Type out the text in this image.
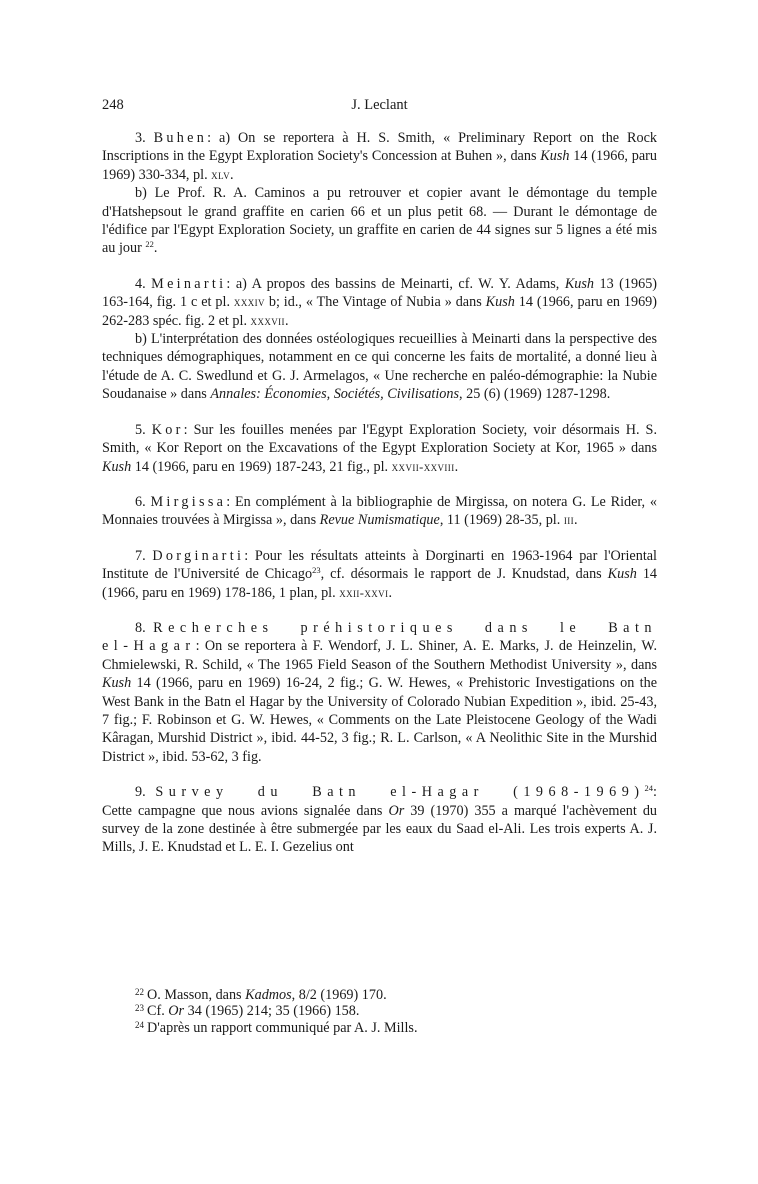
248	J. Leclant

3. Buhen: a) On se reportera à H. S. Smith, « Preliminary Report on the Rock Inscriptions in the Egypt Exploration Society's Concession at Buhen », dans Kush 14 (1966, paru 1969) 330-334, pl. xlv.

b) Le Prof. R. A. Caminos a pu retrouver et copier avant le démontage du temple d'Hatshepsout le grand graffite en carien 66 et un plus petit 68. — Durant le démontage de l'édifice par l'Egypt Exploration Society, un graffite en carien de 44 signes sur 5 lignes a été mis au jour $^{22}$.

4. Meinarti: a) A propos des bassins de Meinarti, cf. W. Y. Adams, Kush 13 (1965) 163-164, fig. 1 c et pl. xxxiv b; id., « The Vintage of Nubia » dans Kush 14 (1966, paru en 1969) 262-283 spéc. fig. 2 et pl. xxxvii.

b) L'interprétation des données ostéologiques recueillies à Meinarti dans la perspective des techniques démographiques, notamment en ce qui concerne les faits de mortalité, a donné lieu à l'étude de A. C. Swedlund et G. J. Armelagos, « Une recherche en paléo-démographie: la Nubie Soudanaise » dans Annales: Économies, Sociétés, Civilisations, 25 (6) (1969) 1287-1298.

5. Kor: Sur les fouilles menées par l'Egypt Exploration Society, voir désormais H. S. Smith, « Kor Report on the Excavations of the Egypt Exploration Society at Kor, 1965 » dans Kush 14 (1966, paru en 1969) 187-243, 21 fig., pl. xxvii-xxviii.

6. Mirgissa: En complément à la bibliographie de Mirgissa, on notera G. Le Rider, « Monnaies trouvées à Mirgissa », dans Revue Numismatique, 11 (1969) 28-35, pl. iii.

7. Dorginarti: Pour les résultats atteints à Dorginarti en 1963-1964 par l'Oriental Institute de l'Université de Chicago$^{23}$, cf. désormais le rapport de J. Knudstad, dans Kush 14 (1966, paru en 1969) 178-186, 1 plan, pl. xxii-xxvi.

8. Recherches préhistoriques dans le Batn el-Hagar: On se reportera à F. Wendorf, J. L. Shiner, A. E. Marks, J. de Heinzelin, W. Chmielewski, R. Schild, « The 1965 Field Season of the Southern Methodist University », dans Kush 14 (1966, paru en 1969) 16-24, 2 fig.; G. W. Hewes, « Prehistoric Investigations on the West Bank in the Batn el Hagar by the University of Colorado Nubian Expedition », ibid. 25-43, 7 fig.; F. Robinson et G. W. Hewes, « Comments on the Late Pleistocene Geology of the Wadi Kâragan, Murshid District », ibid. 44-52, 3 fig.; R. L. Carlson, « A Neolithic Site in the Murshid District », ibid. 53-62, 3 fig.

9. Survey du Batn el-Hagar (1968-1969)$^{24}$: Cette campagne que nous avions signalée dans Or 39 (1970) 355 a marqué l'achèvement du survey de la zone destinée à être submergée par les eaux du Saad el-Ali. Les trois experts A. J. Mills, J. E. Knudstad et L. E. I. Gezelius ont

$^{22}$ O. Masson, dans Kadmos, 8/2 (1969) 170.

$^{23}$ Cf. Or 34 (1965) 214; 35 (1966) 158.

$^{24}$ D'après un rapport communiqué par A. J. Mills.
